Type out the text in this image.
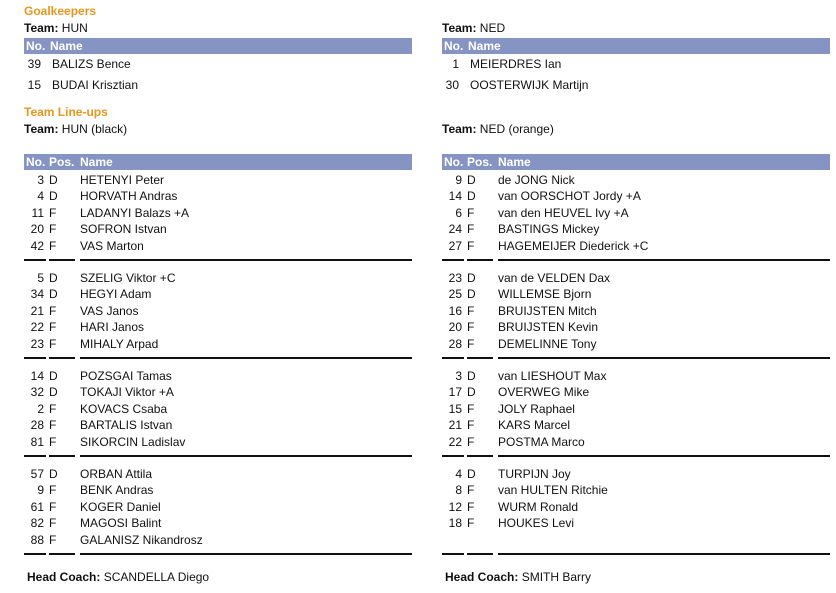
Goalkeepers
Team: HUN	Team: NED
No. Name	No. Name
39 BALIZS Bence
15 BUDAI Krisztian
1 MEIERDRES Ian
30 OOSTERWIJK Martijn
Team Line-ups
Team: HUN (black)	Team: NED (orange)
No. Pos. Name	No. Pos. Name
3 D HETENYI Peter
4 D HORVATH Andras
11 F LADANYI Balazs +A
20 F SOFRON Istvan
42 F VAS Marton
5 D SZELIG Viktor +C
34 D HEGYI Adam
21 F VAS Janos
22 F HARI Janos
23 F MIHALY Arpad
14 D POZSGAI Tamas
32 D TOKAJI Viktor +A
2 F KOVACS Csaba
28 F BARTALIS Istvan
81 F SIKORCIN Ladislav
57 D ORBAN Attila
9 F BENK Andras
61 F KOGER Daniel
82 F MAGOSI Balint
88 F GALANISZ Nikandrosz
9 D de JONG Nick
14 D van OORSCHOT Jordy +A
6 F van den HEUVEL Ivy +A
24 F BASTINGS Mickey
27 F HAGEMEIJER Diederick +C
23 D van de VELDEN Dax
25 D WILLEMSE Bjorn
16 F BRUIJSTEN Mitch
20 F BRUIJSTEN Kevin
28 F DEMELINNE Tony
3 D van LIESHOUT Max
17 D OVERWEG Mike
15 F JOLY Raphael
21 F KARS Marcel
22 F POSTMA Marco
4 D TURPIJN Joy
8 F van HULTEN Ritchie
12 F WURM Ronald
18 F HOUKES Levi
Head Coach: SCANDELLA Diego	Head Coach: SMITH Barry
